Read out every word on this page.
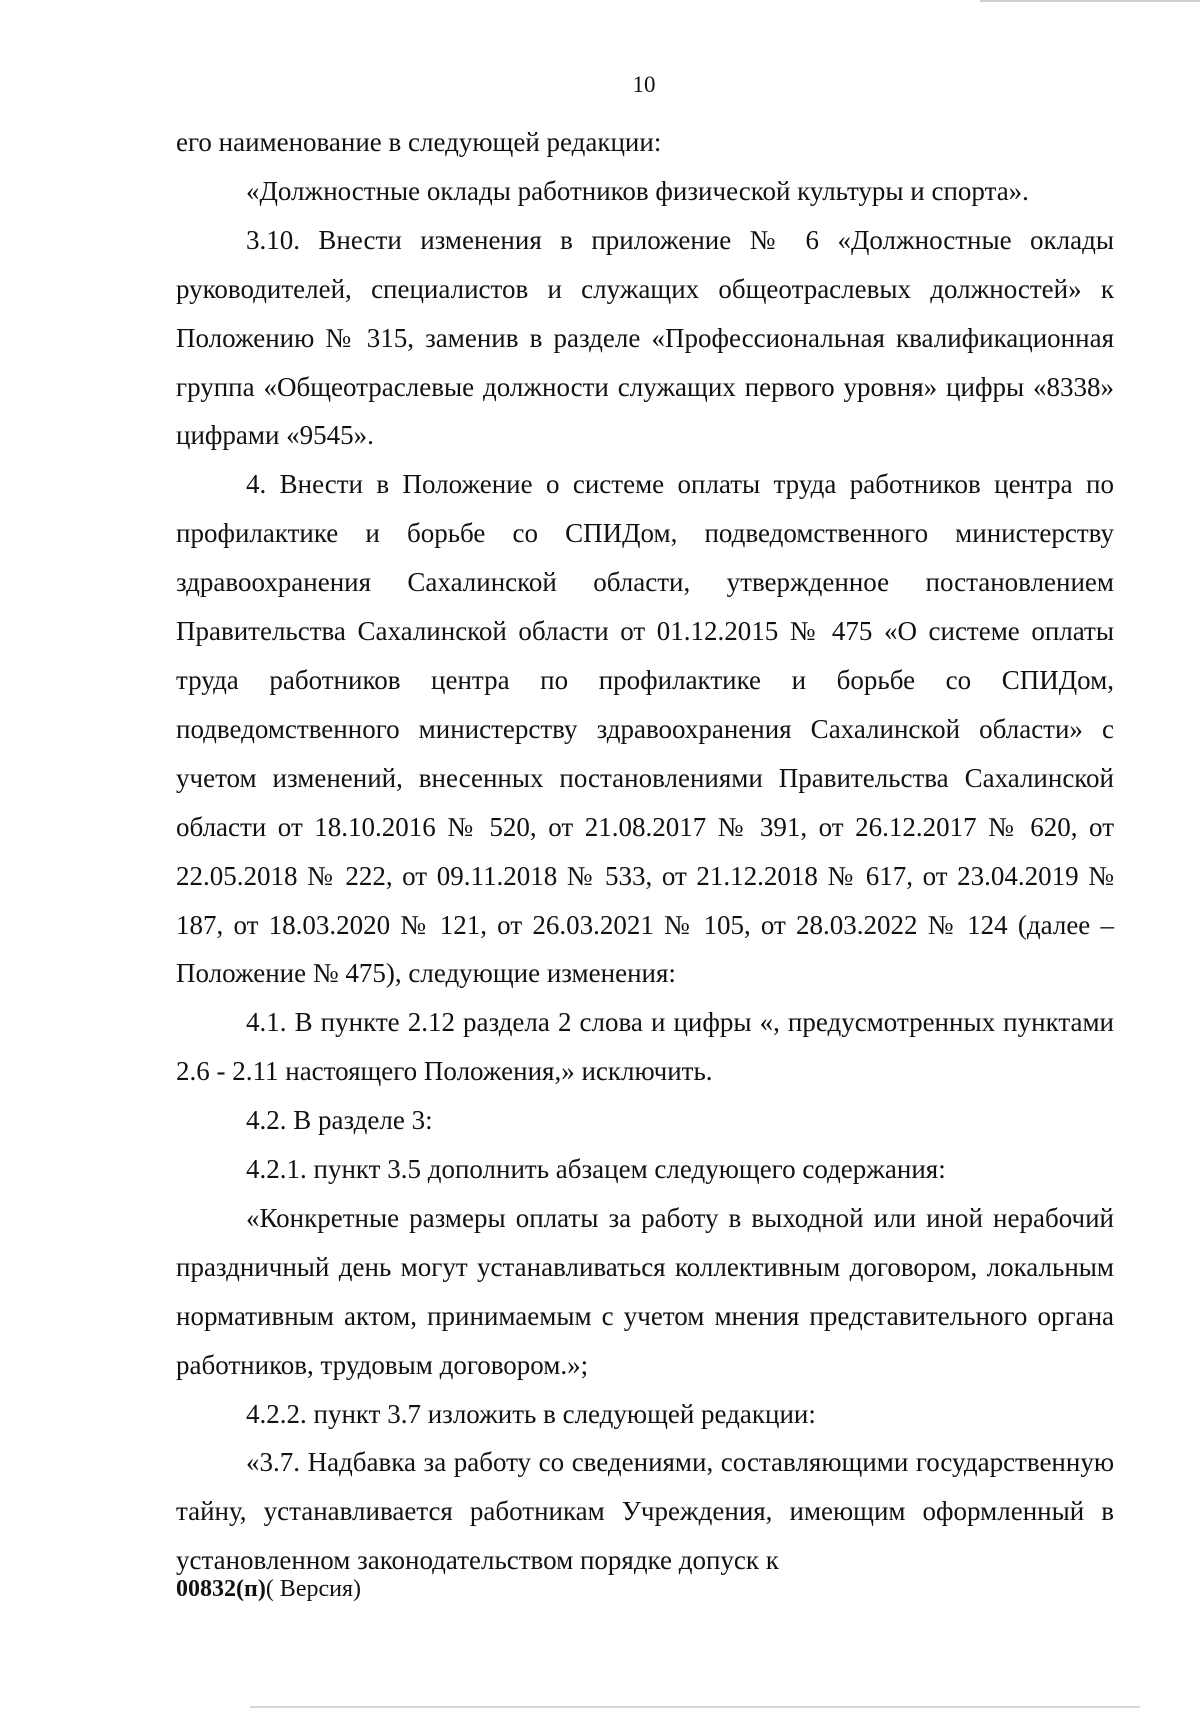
10

его наименование в следующей редакции:

«Должностные оклады работников физической культуры и спорта».

3.10. Внести изменения в приложение № 6 «Должностные оклады руководителей, специалистов и служащих общеотраслевых должностей» к Положению № 315, заменив в разделе «Профессиональная квалификационная группа «Общеотраслевые должности служащих первого уровня» цифры «8338» цифрами «9545».

4. Внести в Положение о системе оплаты труда работников центра по профилактике и борьбе со СПИДом, подведомственного министерству здравоохранения Сахалинской области, утвержденное постановлением Правительства Сахалинской области от 01.12.2015 № 475 «О системе оплаты труда работников центра по профилактике и борьбе со СПИДом, подведомственного министерству здравоохранения Сахалинской области» с учетом изменений, внесенных постановлениями Правительства Сахалинской области от 18.10.2016 № 520, от 21.08.2017 № 391, от 26.12.2017 № 620, от 22.05.2018 № 222, от 09.11.2018 № 533, от 21.12.2018 № 617, от 23.04.2019 № 187, от 18.03.2020 № 121, от 26.03.2021 № 105, от 28.03.2022 № 124 (далее – Положение № 475), следующие изменения:

4.1. В пункте 2.12 раздела 2 слова и цифры «, предусмотренных пунктами 2.6 - 2.11 настоящего Положения,» исключить.

4.2. В разделе 3:

4.2.1. пункт 3.5 дополнить абзацем следующего содержания:

«Конкретные размеры оплаты за работу в выходной или иной нерабочий праздничный день могут устанавливаться коллективным договором, локальным нормативным актом, принимаемым с учетом мнения представительного органа работников, трудовым договором.»;

4.2.2. пункт 3.7 изложить в следующей редакции:

«3.7. Надбавка за работу со сведениями, составляющими государственную тайну, устанавливается работникам Учреждения, имеющим оформленный в установленном законодательством порядке допуск к

00832(п)( Версия)
